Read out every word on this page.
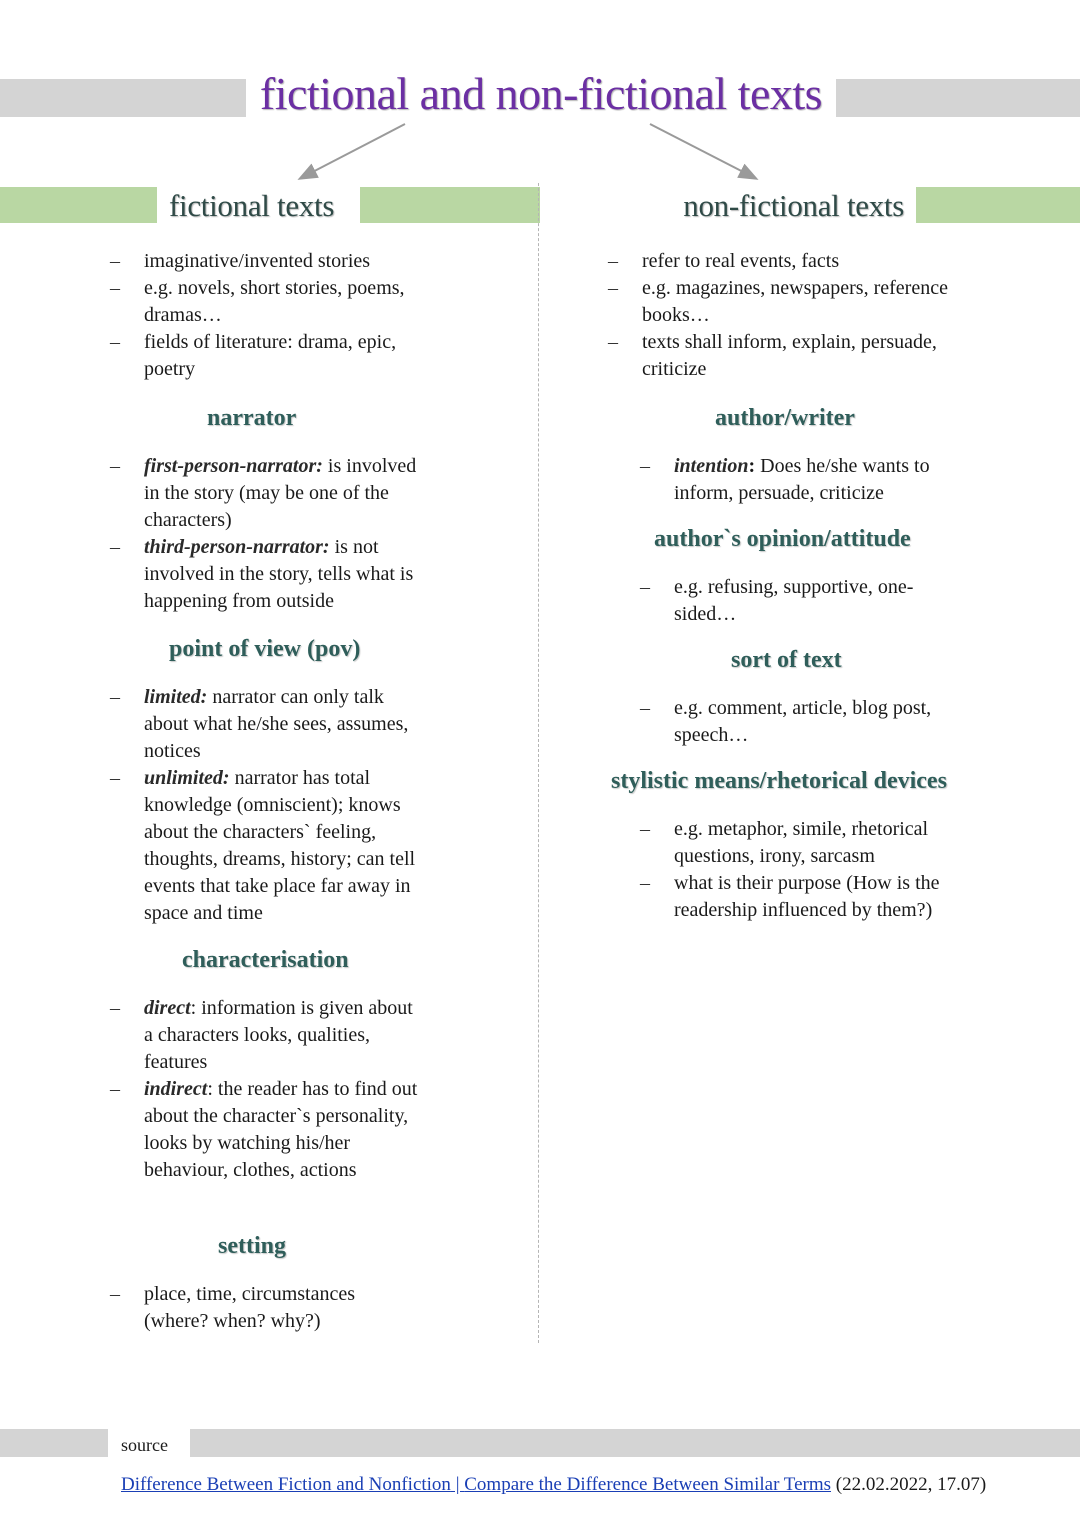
fictional and non-fictional texts
fictional texts	non-fictional texts
– imaginative/invented stories
– e.g. novels, short stories, poems, dramas…
– fields of literature: drama, epic, poetry
narrator
– first-person-narrator: is involved in the story (may be one of the characters)
– third-person-narrator: is not involved in the story, tells what is happening from outside
point of view (pov)
– limited: narrator can only talk about what he/she sees, assumes, notices
– unlimited: narrator has total knowledge (omniscient); knows about the characters` feeling, thoughts, dreams, history; can tell events that take place far away in space and time
characterisation
– direct: information is given about a characters looks, qualities, features
– indirect: the reader has to find out about the character`s personality, looks by watching his/her behaviour, clothes, actions
setting
– place, time, circumstances (where? when? why?)
– refer to real events, facts
– e.g. magazines, newspapers, reference books…
– texts shall inform, explain, persuade, criticize
author/writer
– intention: Does he/she wants to inform, persuade, criticize
author`s opinion/attitude
– e.g. refusing, supportive, one-sided…
sort of text
– e.g. comment, article, blog post, speech…
stylistic means/rhetorical devices
– e.g. metaphor, simile, rhetorical questions, irony, sarcasm
– what is their purpose (How is the readership influenced by them?)
source
Difference Between Fiction and Nonfiction | Compare the Difference Between Similar Terms (22.02.2022, 17.07)
